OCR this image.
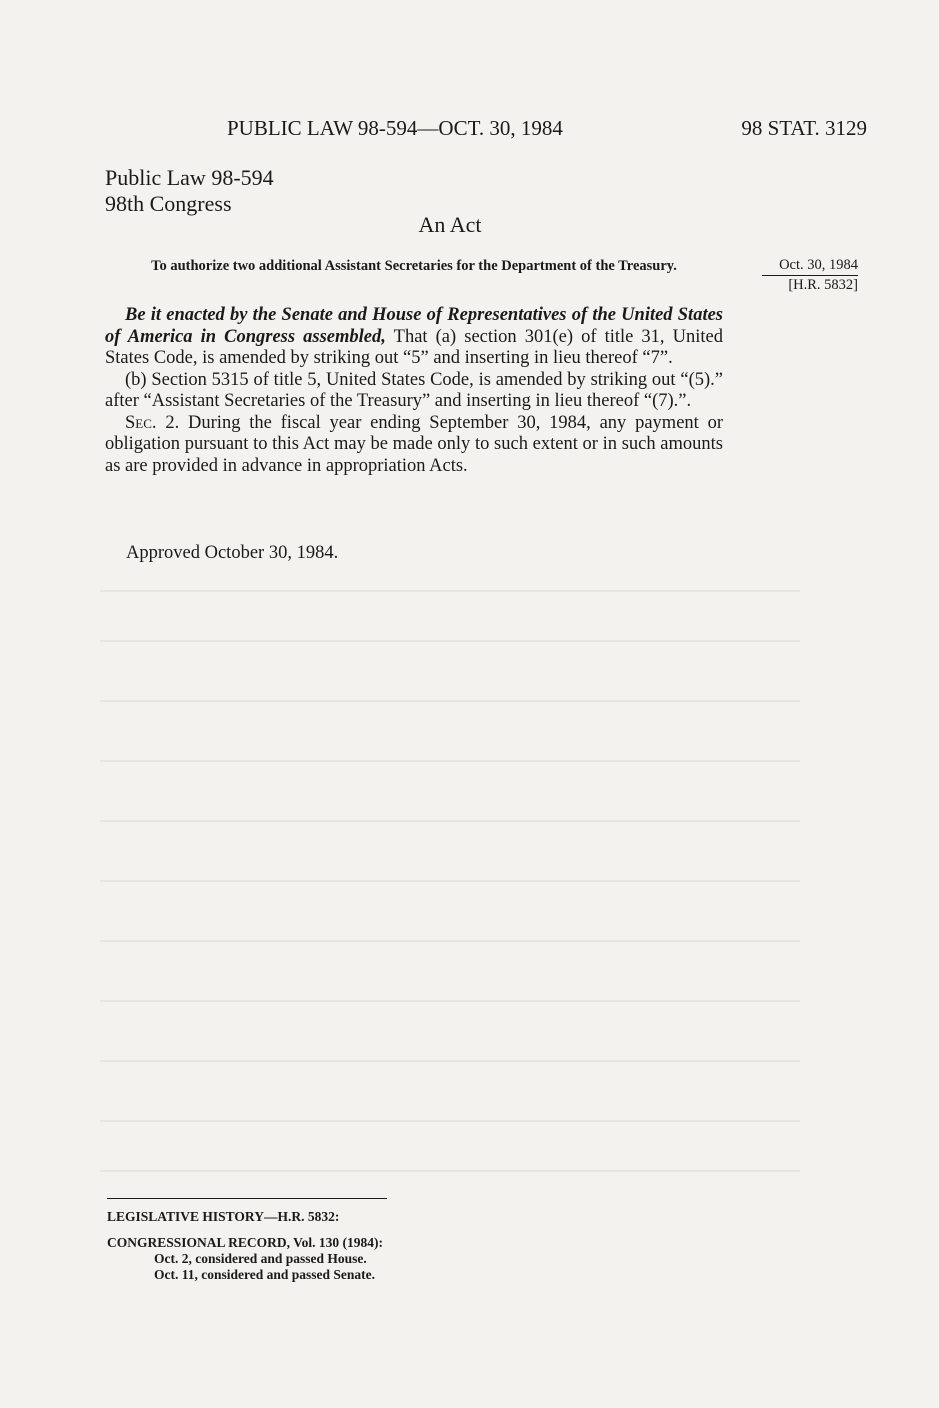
PUBLIC LAW 98-594—OCT. 30, 1984	98 STAT. 3129
Public Law 98-594
98th Congress
An Act
To authorize two additional Assistant Secretaries for the Department of the Treasury.	Oct. 30, 1984
[H.R. 5832]

Be it enacted by the Senate and House of Representatives of the United States of America in Congress assembled, That (a) section 301(e) of title 31, United States Code, is amended by striking out “5” and inserting in lieu thereof “7”.

(b) Section 5315 of title 5, United States Code, is amended by striking out “(5).” after “Assistant Secretaries of the Treasury” and inserting in lieu thereof “(7).”.

Sec. 2. During the fiscal year ending September 30, 1984, any payment or obligation pursuant to this Act may be made only to such extent or in such amounts as are provided in advance in appropriation Acts.

Approved October 30, 1984.
LEGISLATIVE HISTORY—H.R. 5832:
CONGRESSIONAL RECORD, Vol. 130 (1984):
Oct. 2, considered and passed House.
Oct. 11, considered and passed Senate.
